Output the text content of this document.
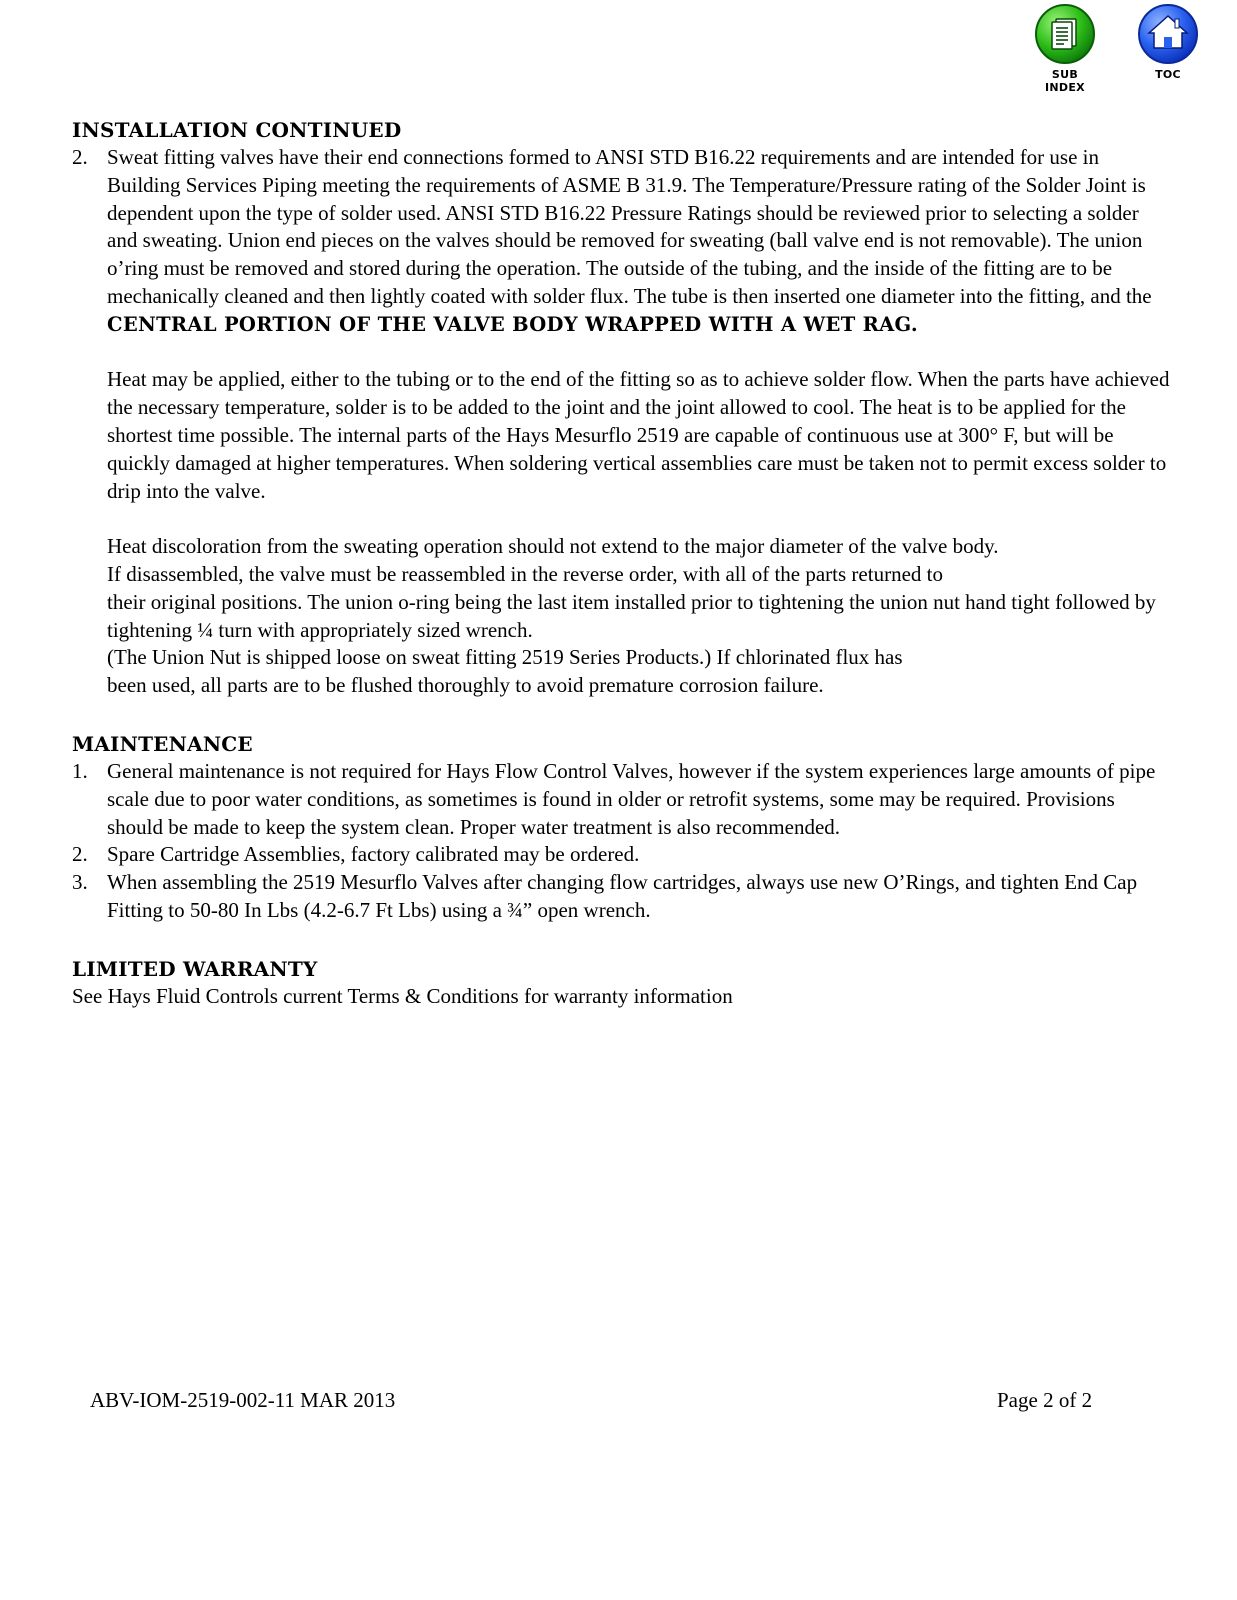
SUB INDEX
TOC
INSTALLATION CONTINUED
2. Sweat fitting valves have their end connections formed to ANSI STD B16.22 requirements and are intended for use in Building Services Piping meeting the requirements of ASME B 31.9. The Temperature/Pressure rating of the Solder Joint is dependent upon the type of solder used. ANSI STD B16.22 Pressure Ratings should be reviewed prior to selecting a solder and sweating. Union end pieces on the valves should be removed for sweating (ball valve end is not removable). The union o’ring must be removed and stored during the operation. The outside of the tubing, and the inside of the fitting are to be mechanically cleaned and then lightly coated with solder flux. The tube is then inserted one diameter into the fitting, and the
CENTRAL PORTION OF THE VALVE BODY WRAPPED WITH A WET RAG.

Heat may be applied, either to the tubing or to the end of the fitting so as to achieve solder flow. When the parts have achieved the necessary temperature, solder is to be added to the joint and the joint allowed to cool. The heat is to be applied for the shortest time possible. The internal parts of the Hays Mesurflo 2519 are capable of continuous use at 300° F, but will be quickly damaged at higher temperatures. When soldering vertical assemblies care must be taken not to permit excess solder to drip into the valve.

Heat discoloration from the sweating operation should not extend to the major diameter of the valve body.
If disassembled, the valve must be reassembled in the reverse order, with all of the parts returned to
their original positions. The union o-ring being the last item installed prior to tightening the union nut hand tight followed by tightening ¼ turn with appropriately sized wrench.
(The Union Nut is shipped loose on sweat fitting 2519 Series Products.) If chlorinated flux has
been used, all parts are to be flushed thoroughly to avoid premature corrosion failure.
MAINTENANCE
1. General maintenance is not required for Hays Flow Control Valves, however if the system experiences large amounts of pipe scale due to poor water conditions, as sometimes is found in older or retrofit systems, some may be required. Provisions should be made to keep the system clean. Proper water treatment is also recommended.
2. Spare Cartridge Assemblies, factory calibrated may be ordered.
3. When assembling the 2519 Mesurflo Valves after changing flow cartridges, always use new O’Rings, and tighten End Cap Fitting to 50-80 In Lbs (4.2-6.7 Ft Lbs) using a ¾” open wrench.
LIMITED WARRANTY

See Hays Fluid Controls current Terms & Conditions for warranty information

ABV-IOM-2519-002-11 MAR 2013	Page 2 of 2
